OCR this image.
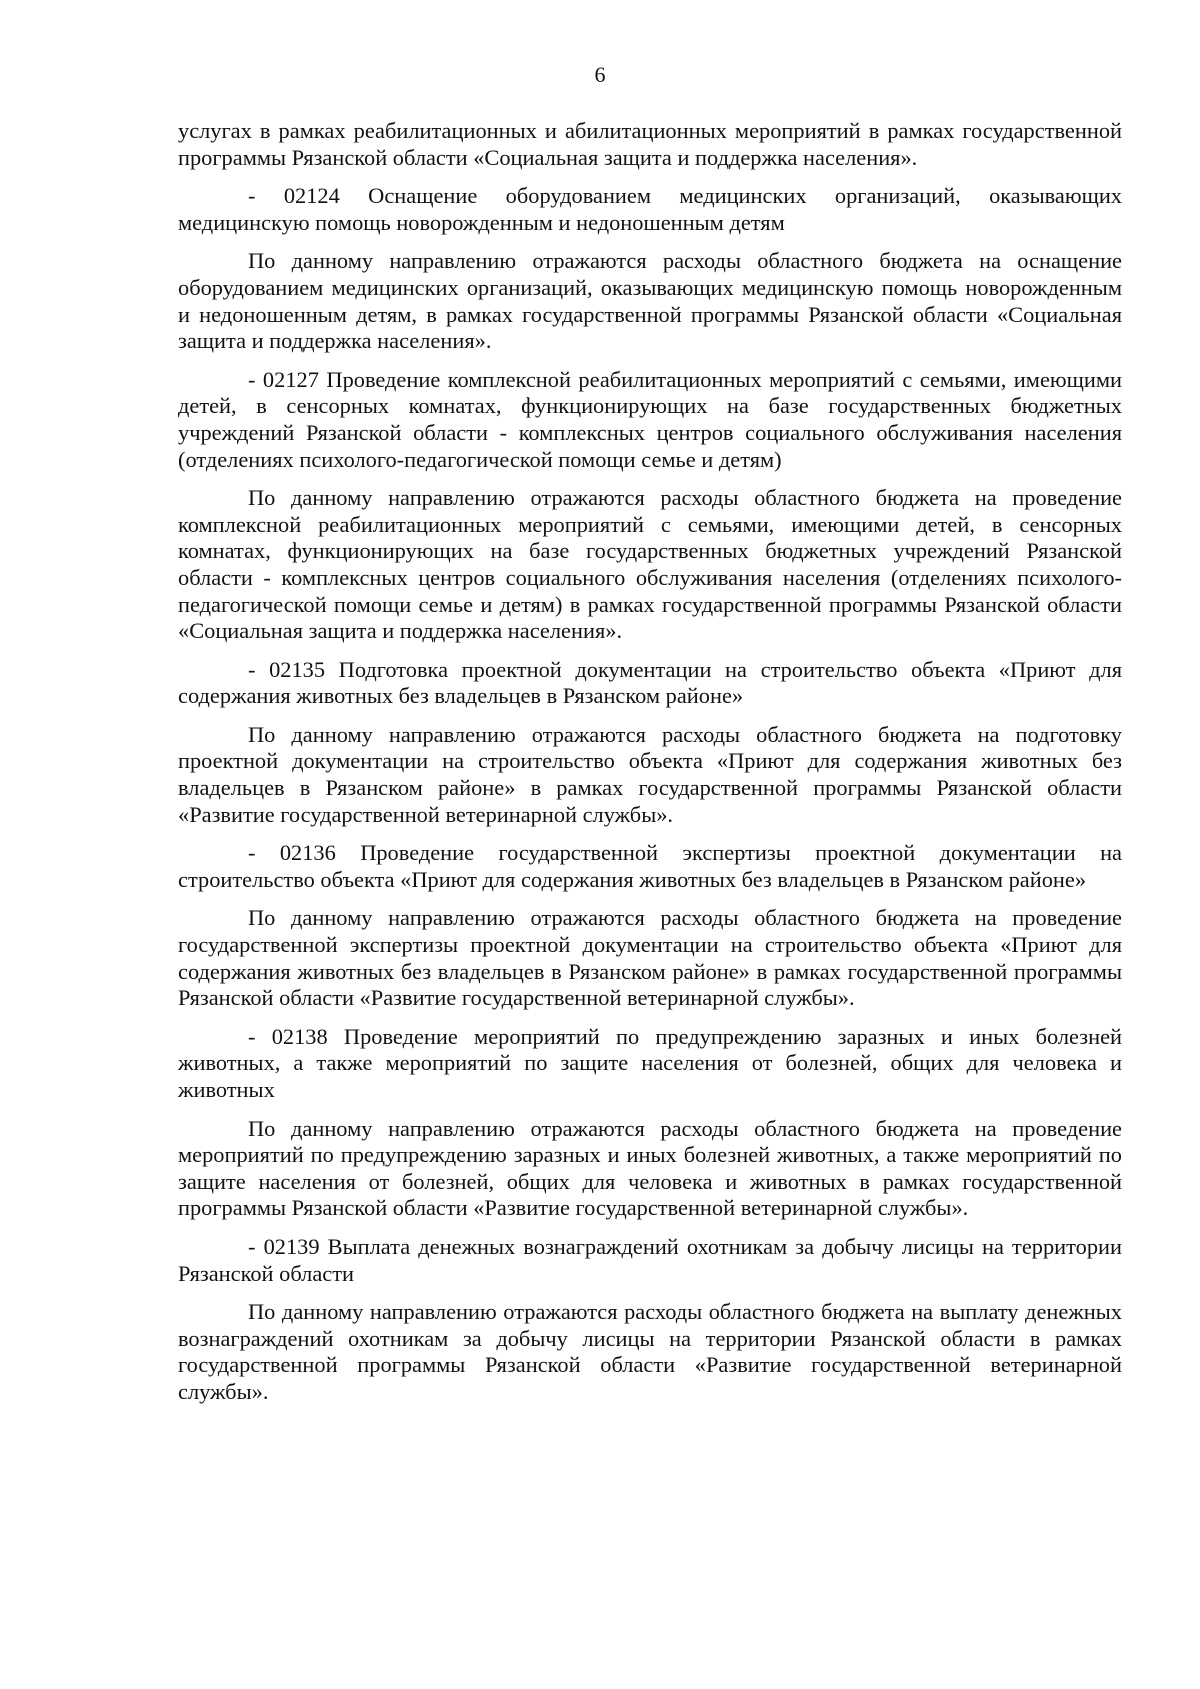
6

услугах в рамках реабилитационных и абилитационных мероприятий в рамках государственной программы Рязанской области «Социальная защита и поддержка населения».

- 02124 Оснащение оборудованием медицинских организаций, оказывающих медицинскую помощь новорожденным и недоношенным детям

По данному направлению отражаются расходы областного бюджета на оснащение оборудованием медицинских организаций, оказывающих медицинскую помощь новорожденным и недоношенным детям, в рамках государственной программы Рязанской области «Социальная защита и поддержка населения».

- 02127 Проведение комплексной реабилитационных мероприятий с семьями, имеющими детей, в сенсорных комнатах, функционирующих на базе государственных бюджетных учреждений Рязанской области - комплексных центров социального обслуживания населения (отделениях психолого-педагогической помощи семье и детям)

По данному направлению отражаются расходы областного бюджета на проведение комплексной реабилитационных мероприятий с семьями, имеющими детей, в сенсорных комнатах, функционирующих на базе государственных бюджетных учреждений Рязанской области - комплексных центров социального обслуживания населения (отделениях психолого-педагогической помощи семье и детям) в рамках государственной программы Рязанской области «Социальная защита и поддержка населения».

- 02135 Подготовка проектной документации на строительство объекта «Приют для содержания животных без владельцев в Рязанском районе»

По данному направлению отражаются расходы областного бюджета на подготовку проектной документации на строительство объекта «Приют для содержания животных без владельцев в Рязанском районе» в рамках государственной программы Рязанской области «Развитие государственной ветеринарной службы».

- 02136 Проведение государственной экспертизы проектной документации на строительство объекта «Приют для содержания животных без владельцев в Рязанском районе»

По данному направлению отражаются расходы областного бюджета на проведение государственной экспертизы проектной документации на строительство объекта «Приют для содержания животных без владельцев в Рязанском районе» в рамках государственной программы Рязанской области «Развитие государственной ветеринарной службы».

- 02138 Проведение мероприятий по предупреждению заразных и иных болезней животных, а также мероприятий по защите населения от болезней, общих для человека и животных

По данному направлению отражаются расходы областного бюджета на проведение мероприятий по предупреждению заразных и иных болезней животных, а также мероприятий по защите населения от болезней, общих для человека и животных в рамках государственной программы Рязанской области «Развитие государственной ветеринарной службы».

- 02139 Выплата денежных вознаграждений охотникам за добычу лисицы на территории Рязанской области

По данному направлению отражаются расходы областного бюджета на выплату денежных вознаграждений охотникам за добычу лисицы на территории Рязанской области в рамках государственной программы Рязанской области «Развитие государственной ветеринарной службы».
